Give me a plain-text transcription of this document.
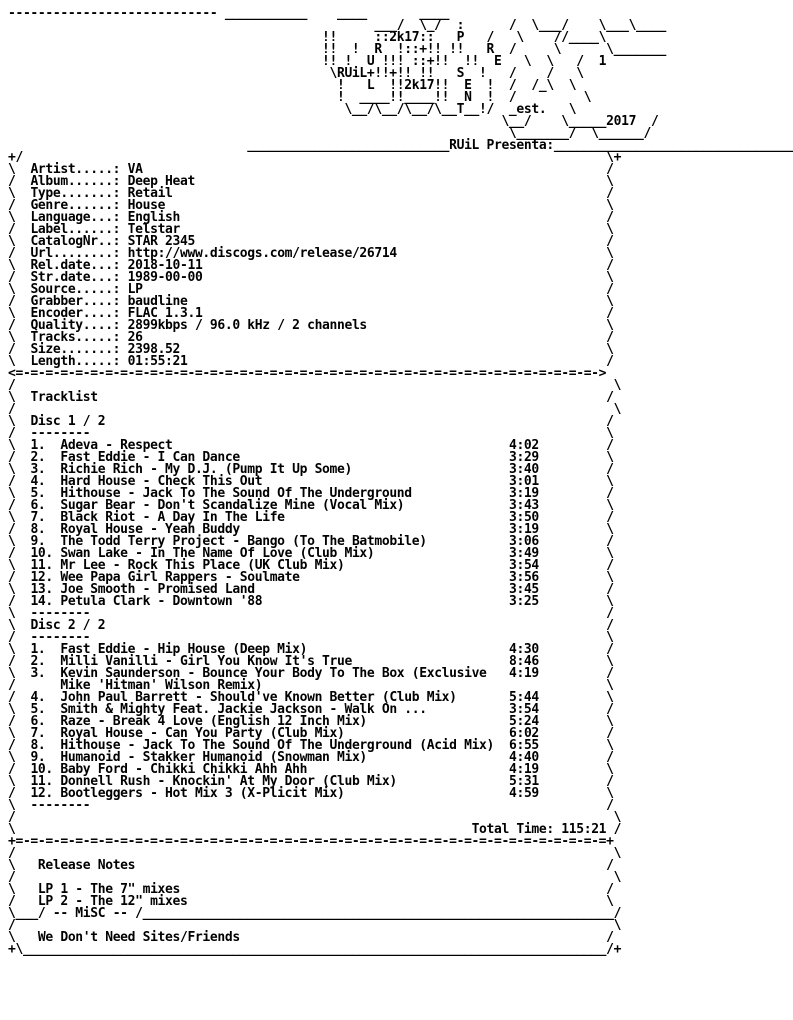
---------------------------- ___________    ____       ____
___/  \_/  :      /  \___/    \___\____
!!     ::2k17::   P   /   \    //____\
!!  !  R  !::+!! !!   R  /     \      \_______
!! !  U !!! ::+!!  !!  E   \  \   /  1
\RUiL+!!+!! !!   S  !   /    /   \
!   L  !!2k17!!  E  !  /  /_\  \
!  ____!!____!!  N  !  /         \
\__/\__/\__/\__T__!/  _est.   \
\__/    \_____2017  /
\_______/  \______/
___________________________RUiL Presenta:________________________________
+/                                                                              \+
\  Artist.....: VA                                                              /
/  Album......: Deep Heat                                                       \
\  Type.......: Retail                                                          /
/  Genre......: House                                                           \
\  Language...: English                                                         /
/  Label......: Telstar                                                         \
\  CatalogNr..: STAR 2345                                                       /
/  Url........: http://www.discogs.com/release/26714                            \
\  Rel.date...: 2018-10-11                                                      /
/  Str.date...: 1989-00-00                                                      \
\  Source.....: LP                                                              /
/  Grabber....: baudline                                                        \
\  Encoder....: FLAC 1.3.1                                                      /
/  Quality....: 2899kbps / 96.0 kHz / 2 channels                                \
\  Tracks.....: 26                                                              /
/  Size.......: 2398.52                                                         \
\  Length.....: 01:55:21                                                        /
<=-=-=-=-=-=-=-=-=-=-=-=-=-=-=-=-=-=-=-=-=-=-=-=-=-=-=-=-=-=-=-=-=-=-=-=-=-=-=->
/                                                                                \
\  Tracklist                                                                    /
/                                                                                \
\  Disc 1 / 2                                                                   /
/  --------                                                                     \
\  1.  Adeva - Respect	4:02         /
/  2.  Fast Eddie - I Can Dance	3:29         \
\  3.  Richie Rich - My D.J. (Pump It Up Some)	3:40         /
/  4.  Hard House - Check This Out	3:01         \
\  5.  Hithouse - Jack To The Sound Of The Underground	3:19         /
/  6.  Sugar Bear - Don't Scandalize Mine (Vocal Mix)	3:43         \
\  7.  Black Riot - A Day In The Life	3:50         /
/  8.  Royal House - Yeah Buddy	3:19         \
\  9.  The Todd Terry Project - Bango (To The Batmobile)	3:06         /
/  10. Swan Lake - In The Name Of Love (Club Mix)	3:49         \
\  11. Mr Lee - Rock This Place (UK Club Mix)	3:54         /
/  12. Wee Papa Girl Rappers - Soulmate	3:56         \
\  13. Joe Smooth - Promised Land	3:45         /
/  14. Petula Clark - Downtown '88	3:25         \
\  --------                                                                     /
\  Disc 2 / 2                                                                   /
/  --------                                                                     \
\  1.  Fast Eddie - Hip House (Deep Mix)	4:30         /
/  2.  Milli Vanilli - Girl You Know It's True	8:46         \
\  3.  Kevin Saunderson - Bounce Your Body To The Box (Exclusive 4:19         /
/      Mike 'Hitman' Wilson Remix)                                              \
/  4.  John Paul Barrett - Should've Known Better (Club Mix)	5:44         \
\  5.  Smith & Mighty Feat. Jackie Jackson - Walk On ...	3:54         /
/  6.  Raze - Break 4 Love (English 12 Inch Mix)	5:24         \
\  7.  Royal House - Can You Party (Club Mix)	6:02         /
/  8.  Hithouse - Jack To The Sound Of The Underground (Acid Mix) 6:55         \
\  9.  Humanoid - Stakker Humanoid (Snowman Mix)	4:40         /
/  10. Baby Ford - Chikki Chikki Ahh Ahh	4:19         \
\  11. Donnell Rush - Knockin' At My Door (Club Mix)	5:31         /
/  12. Bootleggers - Hot Mix 3 (X-Plicit Mix)	4:59         \
\  --------                                                                     /
/                                                                                \
\                                                             Total Time: 115:21 /
+=-=-=-=-=-=-=-=-=-=-=-=-=-=-=-=-=-=-=-=-=-=-=-=-=-=-=-=-=-=-=-=-=-=-=-=-=-=-=-=+
/                                                                                \
\   Release Notes                                                               /
/                                                                                \
\   LP 1 - The 7" mixes                                                         /
/   LP 2 - The 12" mixes                                                        \
\___/ -- MiSC -- /_______________________________________________________________/
/                                                                                \
\   We Don't Need Sites/Friends                                                 /
+\______________________________________________________________________________/+
